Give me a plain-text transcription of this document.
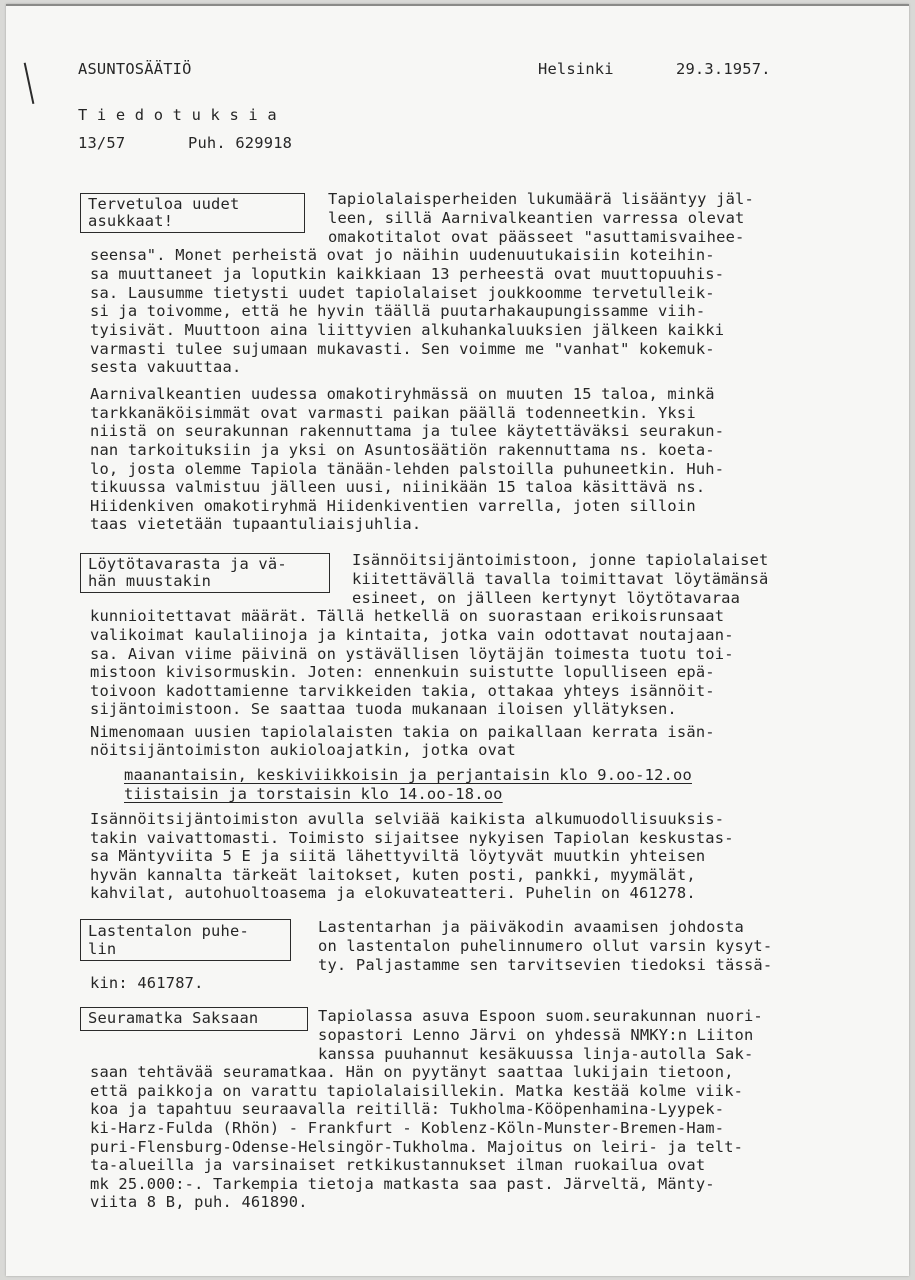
ASUNTOSÄÄTIÖ	Helsinki	29.3.1957.
T i e d o t u k s i a
13/57	Puh. 629918
Tervetuloa uudet
asukkaat!
Tapiolalaisperheiden lukumäärä lisääntyy jäl-
leen, sillä Aarnivalkeantien varressa olevat
omakotitalot ovat päässeet "asuttamisvaihee-
seensa". Monet perheistä ovat jo näihin uudenuutukaisiin koteihin-
sa muuttaneet ja loputkin kaikkiaan 13 perheestä ovat muuttopuuhis-
sa. Lausumme tietysti uudet tapiolalaiset joukkoomme tervetulleik-
si ja toivomme, että he hyvin täällä puutarhakaupungissamme viih-
tyisivät. Muuttoon aina liittyvien alkuhankaluuksien jälkeen kaikki
varmasti tulee sujumaan mukavasti. Sen voimme me "vanhat" kokemuk-
sesta vakuuttaa.
Aarnivalkeantien uudessa omakotiryhmässä on muuten 15 taloa, minkä
tarkkanäköisimmät ovat varmasti paikan päällä todenneetkin. Yksi
niistä on seurakunnan rakennuttama ja tulee käytettäväksi seurakun-
nan tarkoituksiin ja yksi on Asuntosäätiön rakennuttama ns. koeta-
lo, josta olemme Tapiola tänään-lehden palstoilla puhuneetkin. Huh-
tikuussa valmistuu jälleen uusi, niinikään 15 taloa käsittävä ns.
Hiidenkiven omakotiryhmä Hiidenkiventien varrella, joten silloin
taas vietetään tupaantuliaisjuhlia.
Löytötavarasta ja vä-
hän muustakin
Isännöitsijäntoimistoon, jonne tapiolalaiset
kiitettävällä tavalla toimittavat löytämänsä
esineet, on jälleen kertynyt löytötavaraa
kunnioitettavat määrät. Tällä hetkellä on suorastaan erikoisrunsaat
valikoimat kaulaliinoja ja kintaita, jotka vain odottavat noutajaan-
sa. Aivan viime päivinä on ystävällisen löytäjän toimesta tuotu toi-
mistoon kivisormuskin. Joten: ennenkuin suistutte lopulliseen epä-
toivoon kadottamienne tarvikkeiden takia, ottakaa yhteys isännöit-
sijäntoimistoon. Se saattaa tuoda mukanaan iloisen yllätyksen.
Nimenomaan uusien tapiolalaisten takia on paikallaan kerrata isän-
nöitsijäntoimiston aukioloajatkin, jotka ovat
maanantaisin, keskiviikkoisin ja perjantaisin klo 9.oo-12.oo
tiistaisin ja torstaisin klo 14.oo-18.oo
Isännöitsijäntoimiston avulla selviää kaikista alkumuodollisuuksis-
takin vaivattomasti. Toimisto sijaitsee nykyisen Tapiolan keskustas-
sa Mäntyviita 5 E ja siitä lähettyviltä löytyvät muutkin yhteisen
hyvän kannalta tärkeät laitokset, kuten posti, pankki, myymälät,
kahvilat, autohuoltoasema ja elokuvateatteri. Puhelin on 461278.
Lastentalon puhe-
lin
Lastentarhan ja päiväkodin avaamisen johdosta
on lastentalon puhelinnumero ollut varsin kysyt-
ty. Paljastamme sen tarvitsevien tiedoksi tässä-
kin: 461787.
Seuramatka Saksaan	Tapiolassa asuva Espoon suom.seurakunnan nuori-
sopastori Lenno Järvi on yhdessä NMKY:n Liiton
kanssa puuhannut kesäkuussa linja-autolla Sak-
saan tehtävää seuramatkaa. Hän on pyytänyt saattaa lukijain tietoon,
että paikkoja on varattu tapiolalaisillekin. Matka kestää kolme viik-
koa ja tapahtuu seuraavalla reitillä: Tukholma-Kööpenhamina-Lyypek-
ki-Harz-Fulda (Rhön) - Frankfurt - Koblenz-Köln-Munster-Bremen-Ham-
puri-Flensburg-Odense-Helsingör-Tukholma. Majoitus on leiri- ja telt-
ta-alueilla ja varsinaiset retkikustannukset ilman ruokailua ovat
mk 25.000:-. Tarkempia tietoja matkasta saa past. Järveltä, Mänty-
viita 8 B, puh. 461890.
